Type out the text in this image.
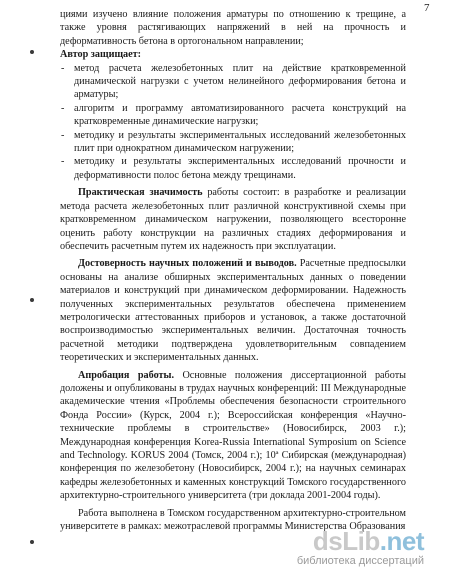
7

циями изучено влияние положения арматуры по отношению к трещине, а также уровня растягивающих напряжений в ней на прочность и деформативность бетона в ортогональном направлении;

Автор защищает:

- метод расчета железобетонных плит на действие кратковременной динамической нагрузки с учетом нелинейного деформирования бетона и арматуры;
- алгоритм и программу автоматизированного расчета конструкций на кратковременные динамические нагрузки;
- методику и результаты экспериментальных исследований железобетонных плит при однократном динамическом нагружении;
- методику и результаты экспериментальных исследований прочности и деформативности полос бетона между трещинами.

Практическая значимость работы состоит: в разработке и реализации метода расчета железобетонных плит различной конструктивной схемы при кратковременном динамическом нагружении, позволяющего всесторонне оценить работу конструкции на различных стадиях деформирования и обеспечить расчетным путем их надежность при эксплуатации.

Достоверность научных положений и выводов. Расчетные предпосылки основаны на анализе обширных экспериментальных данных о поведении материалов и конструкций при динамическом деформировании. Надежность полученных экспериментальных результатов обеспечена применением метрологически аттестованных приборов и установок, а также достаточной воспроизводимостью экспериментальных величин. Достаточная точность расчетной методики подтверждена удовлетворительным совпадением теоретических и экспериментальных данных.

Апробация работы. Основные положения диссертационной работы доложены и опубликованы в трудах научных конференций: III Международные академические чтения «Проблемы обеспечения безопасности строительного Фонда России» (Курск, 2004 г.); Всероссийская конференция «Научно-технические проблемы в строительстве» (Новосибирск, 2003 г.); Международная конференция Korea-Russia International Symposium on Science and Technology. KORUS 2004 (Томск, 2004 г.); 10ª Сибирская (международная) конференция по железобетону (Новосибирск, 2004 г.); на научных семинарах кафедры железобетонных и каменных конструкций Томского государственного архитектурно-строительного университета (три доклада 2001-2004 годы).

Работа выполнена в Томском государственном архитектурно-строительном университете в рамках: межотраслевой программы Министерства Образования

dsLib.net
библиотека диссертаций
